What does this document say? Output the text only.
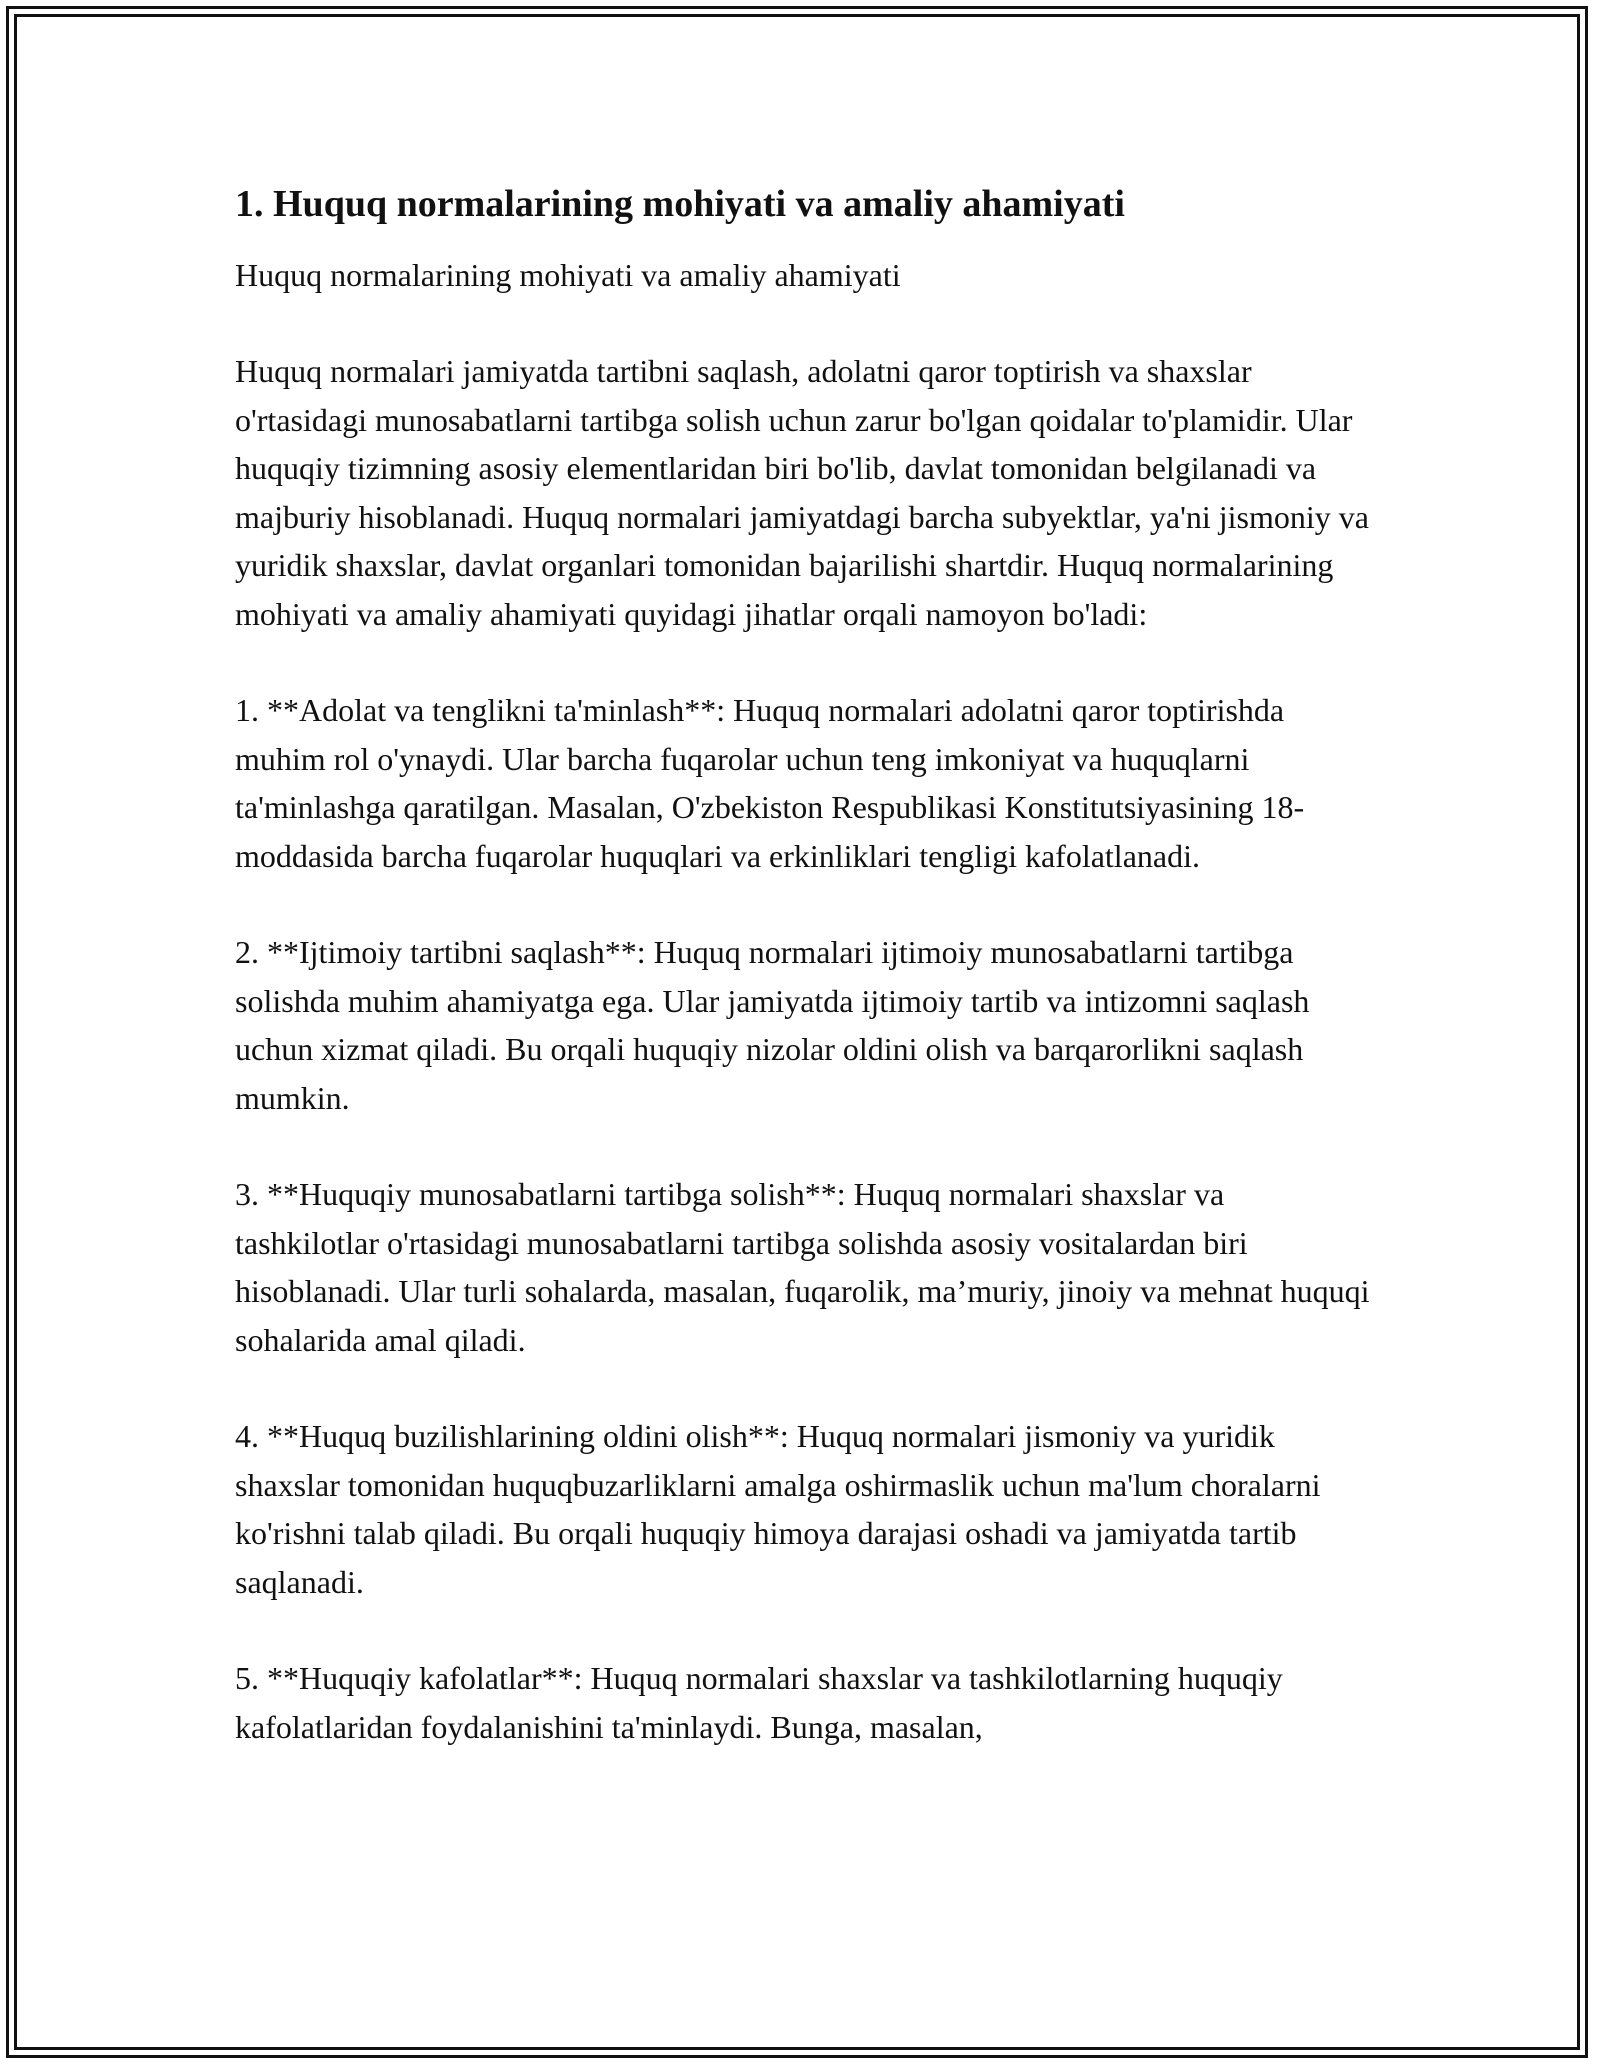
1. Huquq normalarining mohiyati va amaliy ahamiyati

Huquq normalarining mohiyati va amaliy ahamiyati

Huquq normalari jamiyatda tartibni saqlash, adolatni qaror toptirish va shaxslar o'rtasidagi munosabatlarni tartibga solish uchun zarur bo'lgan qoidalar to'plamidir. Ular huquqiy tizimning asosiy elementlaridan biri bo'lib, davlat tomonidan belgilanadi va majburiy hisoblanadi. Huquq normalari jamiyatdagi barcha subyektlar, ya'ni jismoniy va yuridik shaxslar, davlat organlari tomonidan bajarilishi shartdir. Huquq normalarining mohiyati va amaliy ahamiyati quyidagi jihatlar orqali namoyon bo'ladi:

1. **Adolat va tenglikni ta'minlash**: Huquq normalari adolatni qaror toptirishda muhim rol o'ynaydi. Ular barcha fuqarolar uchun teng imkoniyat va huquqlarni ta'minlashga qaratilgan. Masalan, O'zbekiston Respublikasi Konstitutsiyasining 18-moddasida barcha fuqarolar huquqlari va erkinliklari tengligi kafolatlanadi.

2. **Ijtimoiy tartibni saqlash**: Huquq normalari ijtimoiy munosabatlarni tartibga solishda muhim ahamiyatga ega. Ular jamiyatda ijtimoiy tartib va intizomni saqlash uchun xizmat qiladi. Bu orqali huquqiy nizolar oldini olish va barqarorlikni saqlash mumkin.

3. **Huquqiy munosabatlarni tartibga solish**: Huquq normalari shaxslar va tashkilotlar o'rtasidagi munosabatlarni tartibga solishda asosiy vositalardan biri hisoblanadi. Ular turli sohalarda, masalan, fuqarolik, ma’muriy, jinoiy va mehnat huquqi sohalarida amal qiladi.

4. **Huquq buzilishlarining oldini olish**: Huquq normalari jismoniy va yuridik shaxslar tomonidan huquqbuzarliklarni amalga oshirmaslik uchun ma'lum choralarni ko'rishni talab qiladi. Bu orqali huquqiy himoya darajasi oshadi va jamiyatda tartib saqlanadi.

5. **Huquqiy kafolatlar**: Huquq normalari shaxslar va tashkilotlarning huquqiy kafolatlaridan foydalanishini ta'minlaydi. Bunga, masalan,
